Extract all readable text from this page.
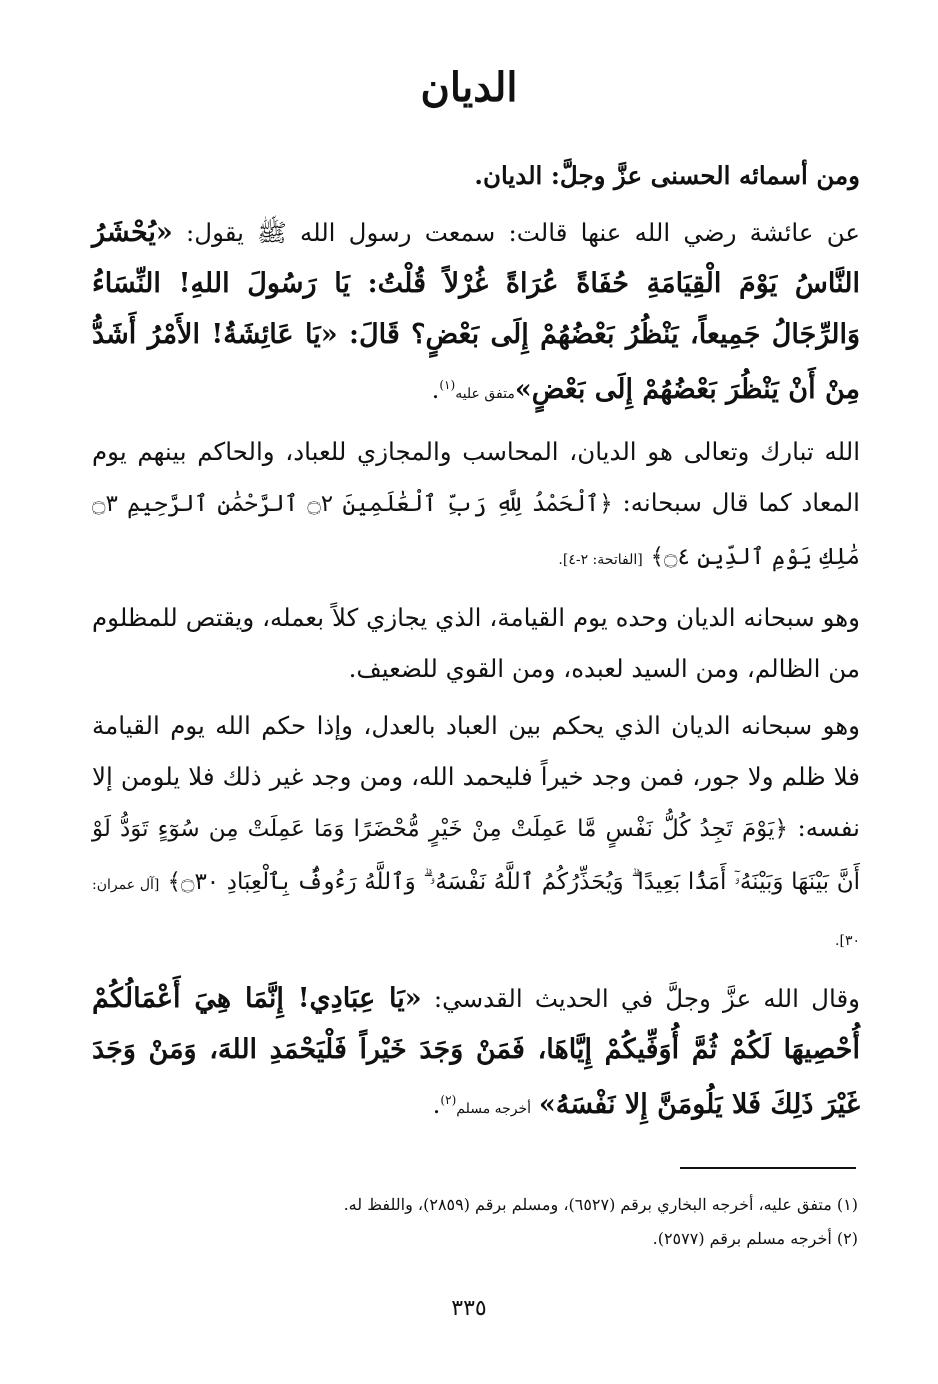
الديان

ومن أسمائه الحسنى عزَّ وجلَّ: الديان.

عن عائشة رضي الله عنها قالت: سمعت رسول الله ﷺ يقول: «يُحْشَرُ النَّاسُ يَوْمَ الْقِيَامَةِ حُفَاةً عُرَاةً غُرْلاً قُلْتُ: يَا رَسُولَ اللهِ! النِّسَاءُ وَالرِّجَالُ جَمِيعاً، يَنْظُرُ بَعْضُهُمْ إِلَى بَعْضٍ؟ قَالَ: «يَا عَائِشَةُ! الأَمْرُ أَشَدُّ مِنْ أَنْ يَنْظُرَ بَعْضُهُمْ إِلَى بَعْضٍ»متفق عليه$^{(١)}$.

الله تبارك وتعالى هو الديان، المحاسب والمجازي للعباد، والحاكم بينهم يوم المعاد كما قال سبحانه: ﴿ٱلْحَمْدُ لِلَّهِ رَبِّ ٱلْعَٰلَمِينَ ۝٢ ٱلرَّحْمَٰنِ ٱلرَّحِيمِ ۝٣ مَٰلِكِ يَوْمِ ٱلدِّينِ ۝٤﴾ [الفاتحة: ٢-٤].

وهو سبحانه الديان وحده يوم القيامة، الذي يجازي كلاً بعمله، ويقتص للمظلوم من الظالم، ومن السيد لعبده، ومن القوي للضعيف.

وهو سبحانه الديان الذي يحكم بين العباد بالعدل، وإذا حكم الله يوم القيامة فلا ظلم ولا جور، فمن وجد خيراً فليحمد الله، ومن وجد غير ذلك فلا يلومن إلا نفسه: ﴿يَوْمَ تَجِدُ كُلُّ نَفْسٍ مَّا عَمِلَتْ مِنْ خَيْرٍ مُّحْضَرًا وَمَا عَمِلَتْ مِن سُوٓءٍ تَوَدُّ لَوْ أَنَّ بَيْنَهَا وَبَيْنَهُۥٓ أَمَدًۢا بَعِيدًا ۗ وَيُحَذِّرُكُمُ ٱللَّهُ نَفْسَهُۥ ۗ وَٱللَّهُ رَءُوفٌۢ بِٱلْعِبَادِ ۝٣٠﴾ [آل عمران: ٣٠].

وقال الله عزَّ وجلَّ في الحديث القدسي: «يَا عِبَادِي! إِنَّمَا هِيَ أَعْمَالُكُمْ أُحْصِيهَا لَكُمْ ثُمَّ أُوَفِّيكُمْ إِيَّاهَا، فَمَنْ وَجَدَ خَيْراً فَلْيَحْمَدِ اللهَ، وَمَنْ وَجَدَ غَيْرَ ذَلِكَ فَلا يَلُومَنَّ إِلا نَفْسَهُ» أخرجه مسلم$^{(٢)}$.

(١) متفق عليه، أخرجه البخاري برقم (٦٥٢٧)، ومسلم برقم (٢٨٥٩)، واللفظ له.
(٢) أخرجه مسلم برقم (٢٥٧٧).
٣٣٥
